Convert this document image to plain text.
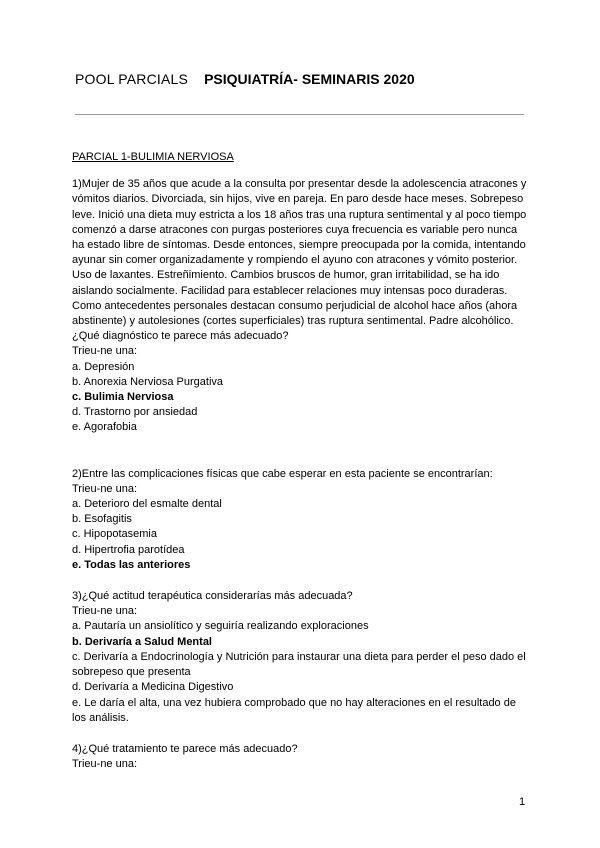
POOL PARCIALS PSIQUIATRÍA- SEMINARIS 2020

PARCIAL 1-BULIMIA NERVIOSA

1)Mujer de 35 años que acude a la consulta por presentar desde la adolescencia atracones y vómitos diarios. Divorciada, sin hijos, vive en pareja. En paro desde hace meses. Sobrepeso leve. Inició una dieta muy estricta a los 18 años tras una ruptura sentimental y al poco tiempo comenzó a darse atracones con purgas posteriores cuya frecuencia es variable pero nunca ha estado libre de síntomas. Desde entonces, siempre preocupada por la comida, intentando ayunar sin comer organizadamente y rompiendo el ayuno con atracones y vómito posterior. Uso de laxantes. Estreñimiento. Cambios bruscos de humor, gran irritabilidad, se ha ido aislando socialmente. Facilidad para establecer relaciones muy intensas poco duraderas. Como antecedentes personales destacan consumo perjudicial de alcohol hace años (ahora abstinente) y autolesiones (cortes superficiales) tras ruptura sentimental. Padre alcohólico. ¿Qué diagnóstico te parece más adecuado?

Trieu-ne una:

a. Depresión

b. Anorexia Nerviosa Purgativa

c. Bulimia Nerviosa

d. Trastorno por ansiedad

e. Agorafobia

2)Entre las complicaciones físicas que cabe esperar en esta paciente se encontrarían:

Trieu-ne una:

a. Deterioro del esmalte dental

b. Esofagitis

c. Hipopotasemia

d. Hipertrofia parotídea

e. Todas las anteriores

3)¿Qué actitud terapéutica considerarías más adecuada?

Trieu-ne una:

a. Pautaría un ansiolítico y seguiría realizando exploraciones

b. Derivaría a Salud Mental

c. Derivaría a Endocrinología y Nutrición para instaurar una dieta para perder el peso dado el sobrepeso que presenta

d. Derivaría a Medicina Digestivo

e. Le daría el alta, una vez hubiera comprobado que no hay alteraciones en el resultado de los análisis.

4)¿Qué tratamiento te parece más adecuado?

Trieu-ne una:

1
